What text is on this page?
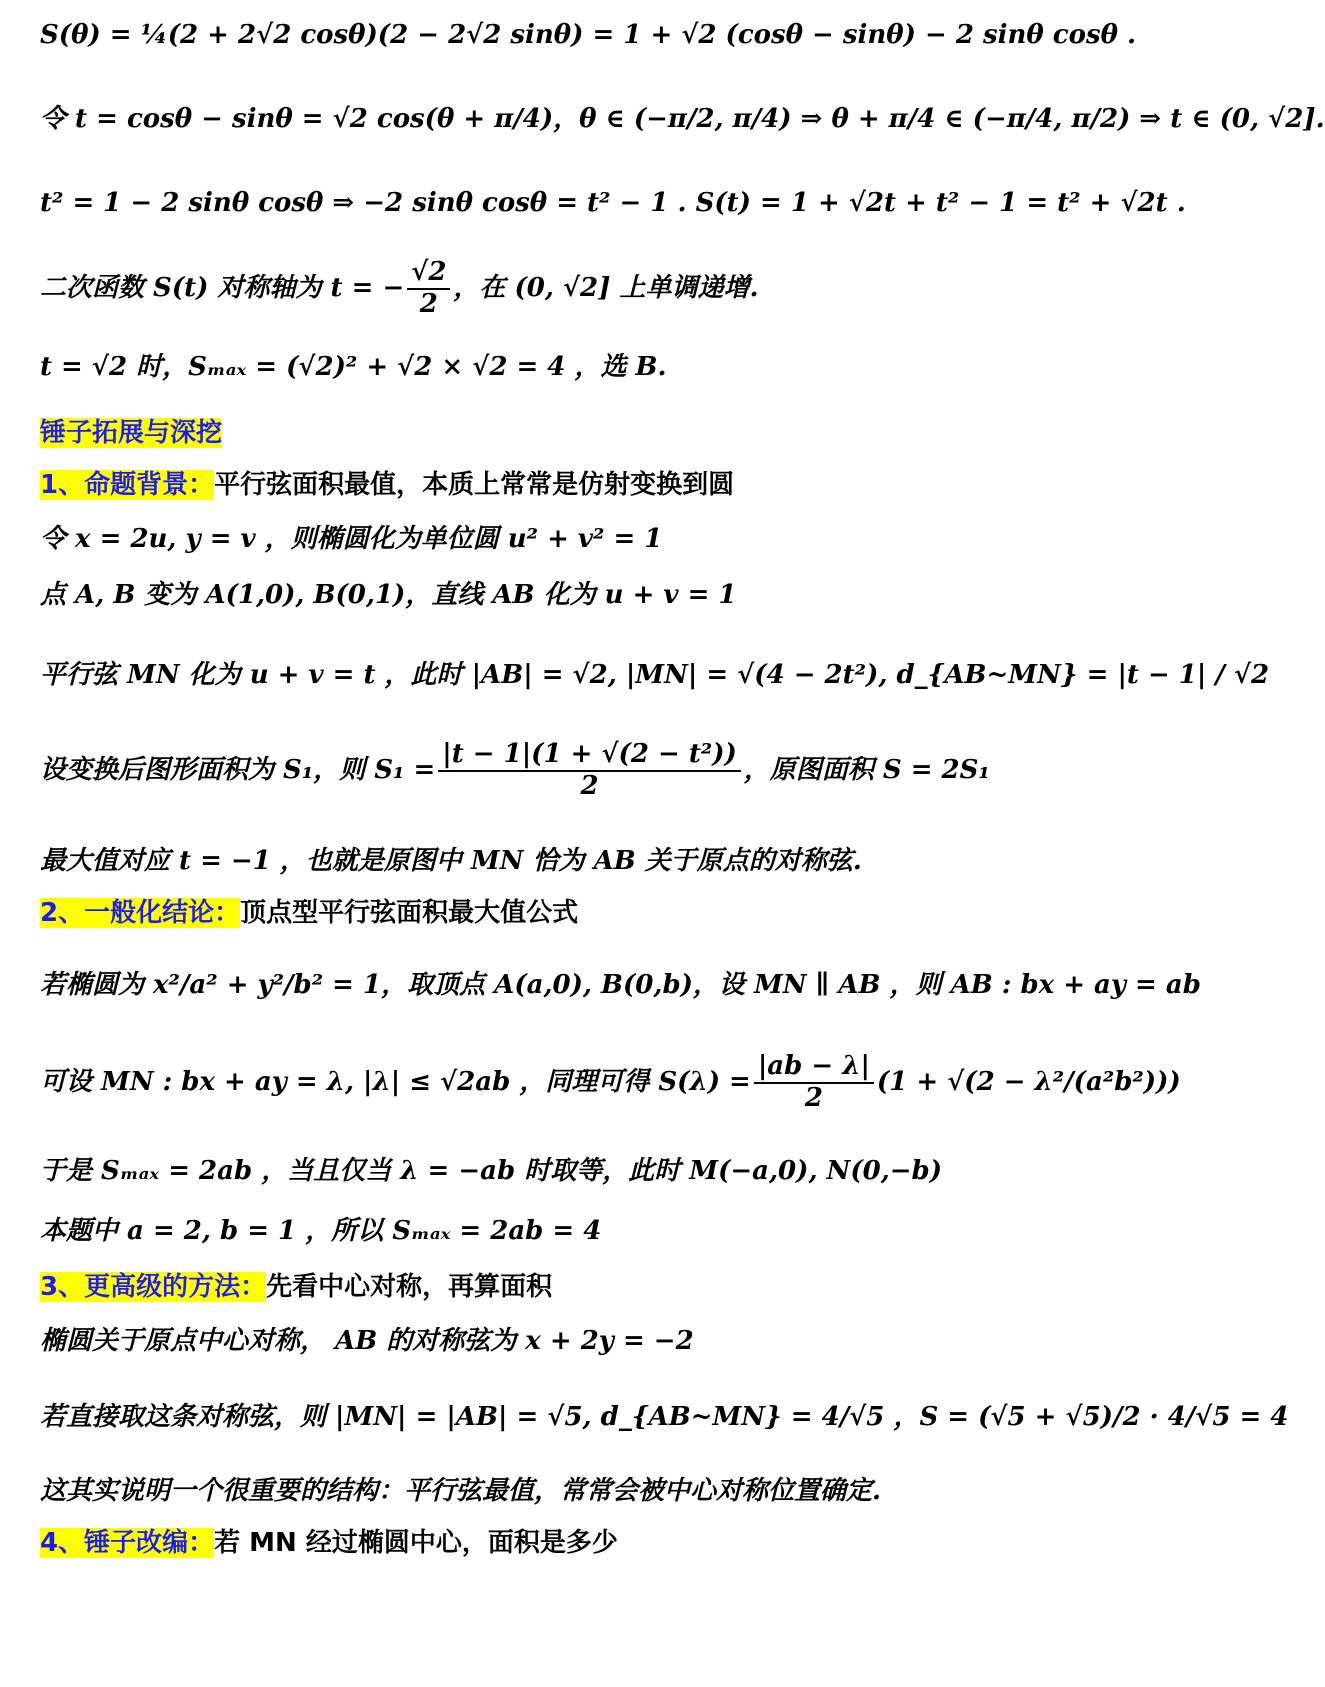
S(θ) = ¼(2 + 2√2 cosθ)(2 − 2√2 sinθ) = 1 + √2 (cosθ − sinθ) − 2 sinθ cosθ .
令 t = cosθ − sinθ = √2 cos(θ + π/4)，θ ∈ (−π/2, π/4) ⇒ θ + π/4 ∈ (−π/4, π/2) ⇒ t ∈ (0, √2].
t² = 1 − 2 sinθ cosθ ⇒ −2 sinθ cosθ = t² − 1 . S(t) = 1 + √2t + t² − 1 = t² + √2t .
二次函数 S(t) 对称轴为 t = − $\frac{√2}{2}$ ，在 (0, √2] 上单调递增.
t = √2 时，Sₘₐₓ = (√2)² + √2 × √2 = 4 ，选 B.
锤子拓展与深挖
1、命题背景：平行弦面积最值，本质上常常是仿射变换到圆
令 x = 2u, y = v ，则椭圆化为单位圆 u² + v² = 1
点 A, B 变为 A(1,0), B(0,1)，直线 AB 化为 u + v = 1
平行弦 MN 化为 u + v = t ，此时 |AB| = √2, |MN| = √(4 − 2t²), d_{AB~MN} = |t − 1| / √2
设变换后图形面积为 S₁，则 $S_1 = \frac{\text{|t − 1|(1 + √(2 − t²))}}{2}$ ，原图面积 S = 2S₁
最大值对应 t = −1 ，也就是原图中 MN 恰为 AB 关于原点的对称弦.
2、一般化结论：顶点型平行弦面积最大值公式
若椭圆为 x²/a² + y²/b² = 1，取顶点 A(a,0), B(0,b)，设 MN ∥ AB ，则 AB : bx + ay = ab
可设 MN : bx + ay = λ, |λ| ≤ √2ab ，同理可得 $S(\lambda) = \frac{|ab - \lambda|}{2} (1 + √(2 - \lambda^2/(a^2b^2)))$
于是 Sₘₐₓ = 2ab ，当且仅当 λ = −ab 时取等，此时 M(−a,0), N(0,−b)
本题中 a = 2, b = 1 ，所以 Sₘₐₓ = 2ab = 4
3、更高级的方法：先看中心对称，再算面积
椭圆关于原点中心对称， AB 的对称弦为 x + 2y = −2
若直接取这条对称弦，则 |MN| = |AB| = √5, d_{AB~MN} = 4/√5 ，S = (√5 + √5)/2 · 4/√5 = 4
这其实说明一个很重要的结构：平行弦最值，常常会被中心对称位置确定.
4、锤子改编：若 MN 经过椭圆中心，面积是多少
